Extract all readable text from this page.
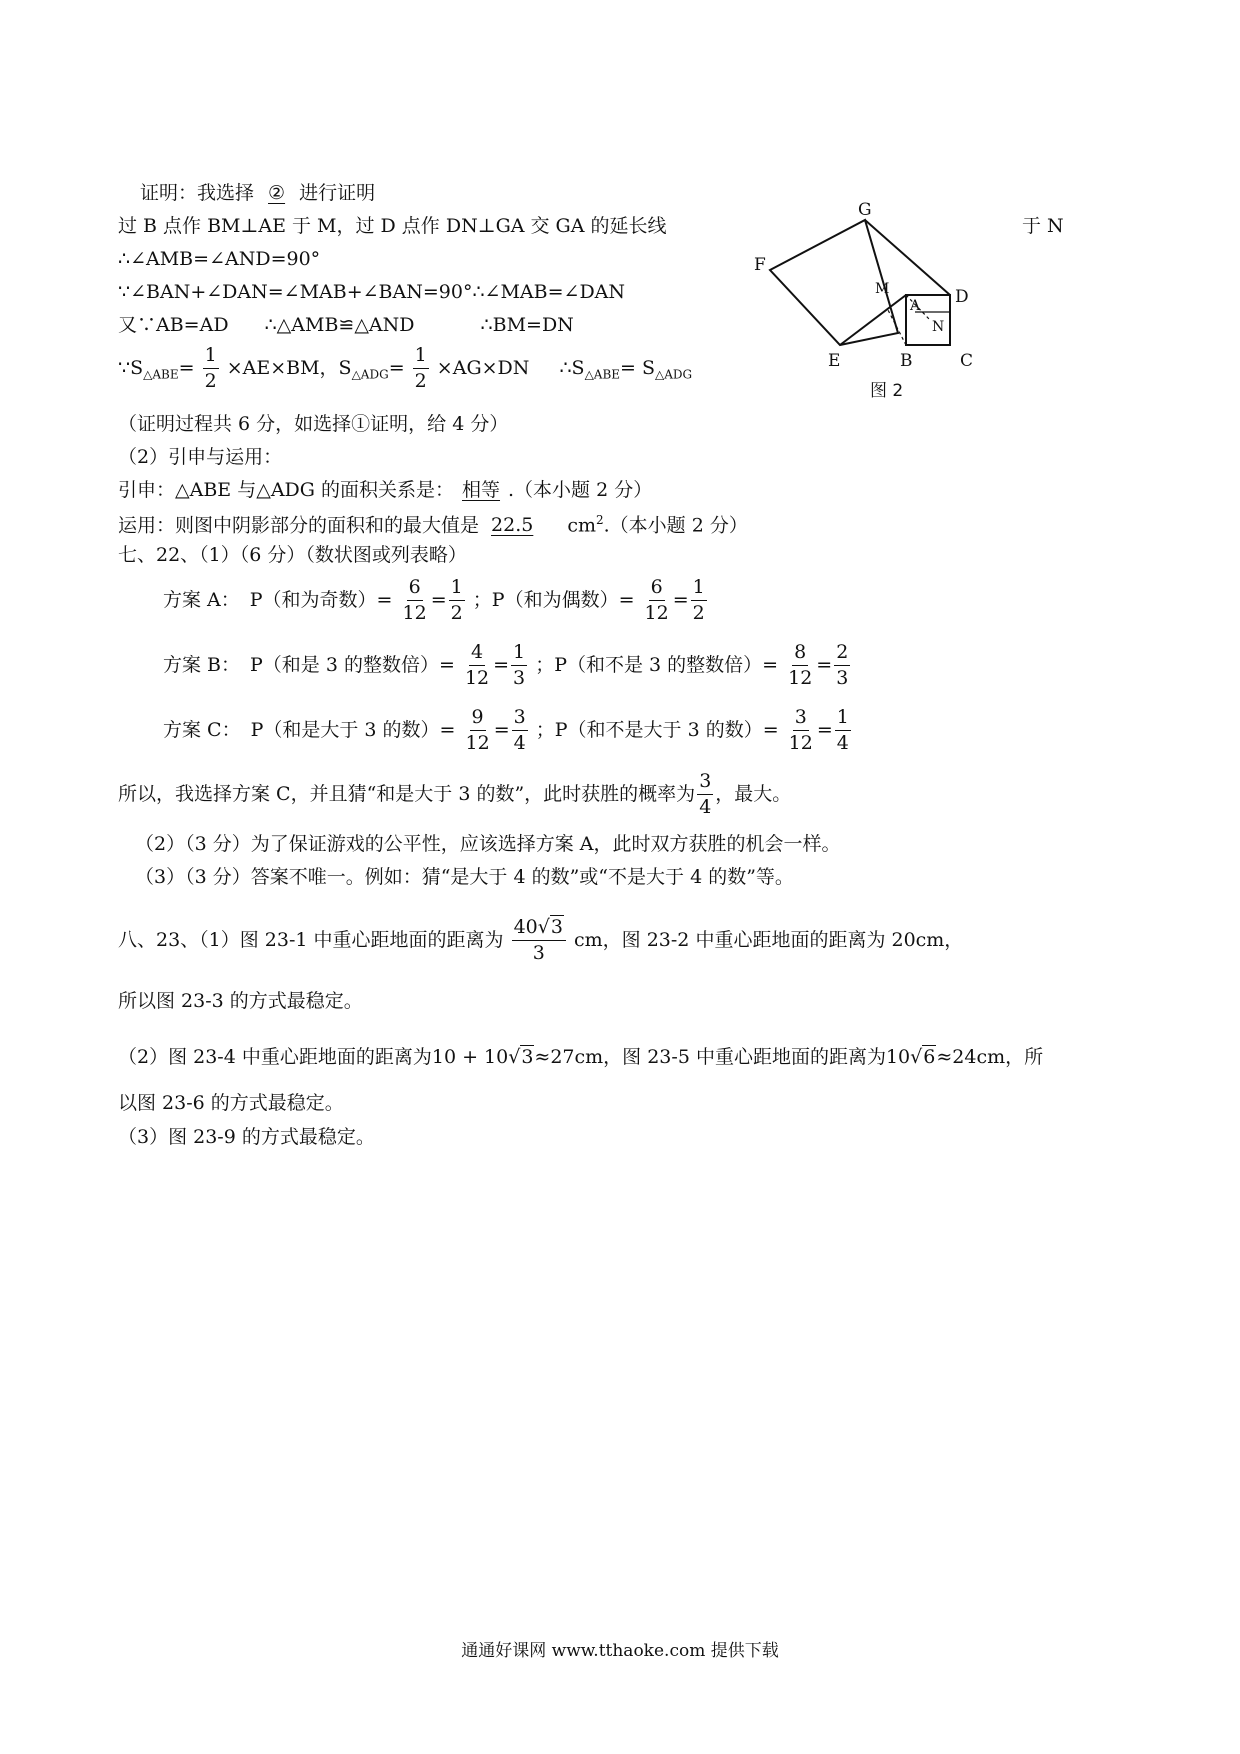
证明：我选择 ② 进行证明
过 B 点作 BM⊥AE 于 M，过 D 点作 DN⊥GA 交 GA 的延长线	于 N
∴∠AMB=∠AND=90°
∵∠BAN+∠DAN=∠MAB+∠BAN=90°∴∠MAB=∠DAN
又∵AB=AD ∴△AMB≌△AND	∴BM=DN
$\because S_{\triangle ABE}= \frac{1}{2} \times AE\times BM$，$S_{\triangle ADG}= \frac{1}{2} \times AG\times DN$ $\therefore S_{\triangle ABE}= S_{\triangle ADG}$
（证明过程共 6 分，如选择①证明，给 4 分）
G
F
M
A D
N
E	B	C
图 2
（2）引申与运用：
引申：△ABE 与△ADG 的面积关系是： 相等 .（本小题 2 分）
运用：则图中阴影部分的面积和的最大值是 22.5 $cm^2$.（本小题 2 分）
七、22、（1）（6 分）（数状图或列表略）
方案 A： P（和为奇数）= $\frac{6}{12} = \frac{1}{2}$ ；P（和为偶数）= $\frac{6}{12} = \frac{1}{2}$
方案 B： P（和是 3 的整数倍）= $\frac{4}{12} = \frac{1}{3}$ ；P（和不是 3 的整数倍）= $\frac{8}{12} = \frac{2}{3}$
方案 C： P（和是大于 3 的数）= $\frac{9}{12} = \frac{3}{4}$ ；P（和不是大于 3 的数）= $\frac{3}{12} = \frac{1}{4}$
所以，我选择方案 C，并且猜“和是大于 3 的数”，此时获胜的概率为 $\frac{3}{4}$ ，最大。
（2）（3 分）为了保证游戏的公平性，应该选择方案 A，此时双方获胜的机会一样。
（3）（3 分）答案不唯一。例如：猜“是大于 4 的数”或“不是大于 4 的数”等。
八、23、（1）图 23-1 中重心距地面的距离为 $\frac{40√3}{3}$ cm，图 23-2 中重心距地面的距离为 20cm，
所以图 23-3 的方式最稳定。
（2）图 23-4 中重心距地面的距离为10 + 10√3≈27cm，图 23-5 中重心距地面的距离为10√6≈24cm，所
以图 23-6 的方式最稳定。
（3）图 23-9 的方式最稳定。
通通好课网 www.tthaoke.com 提供下载
